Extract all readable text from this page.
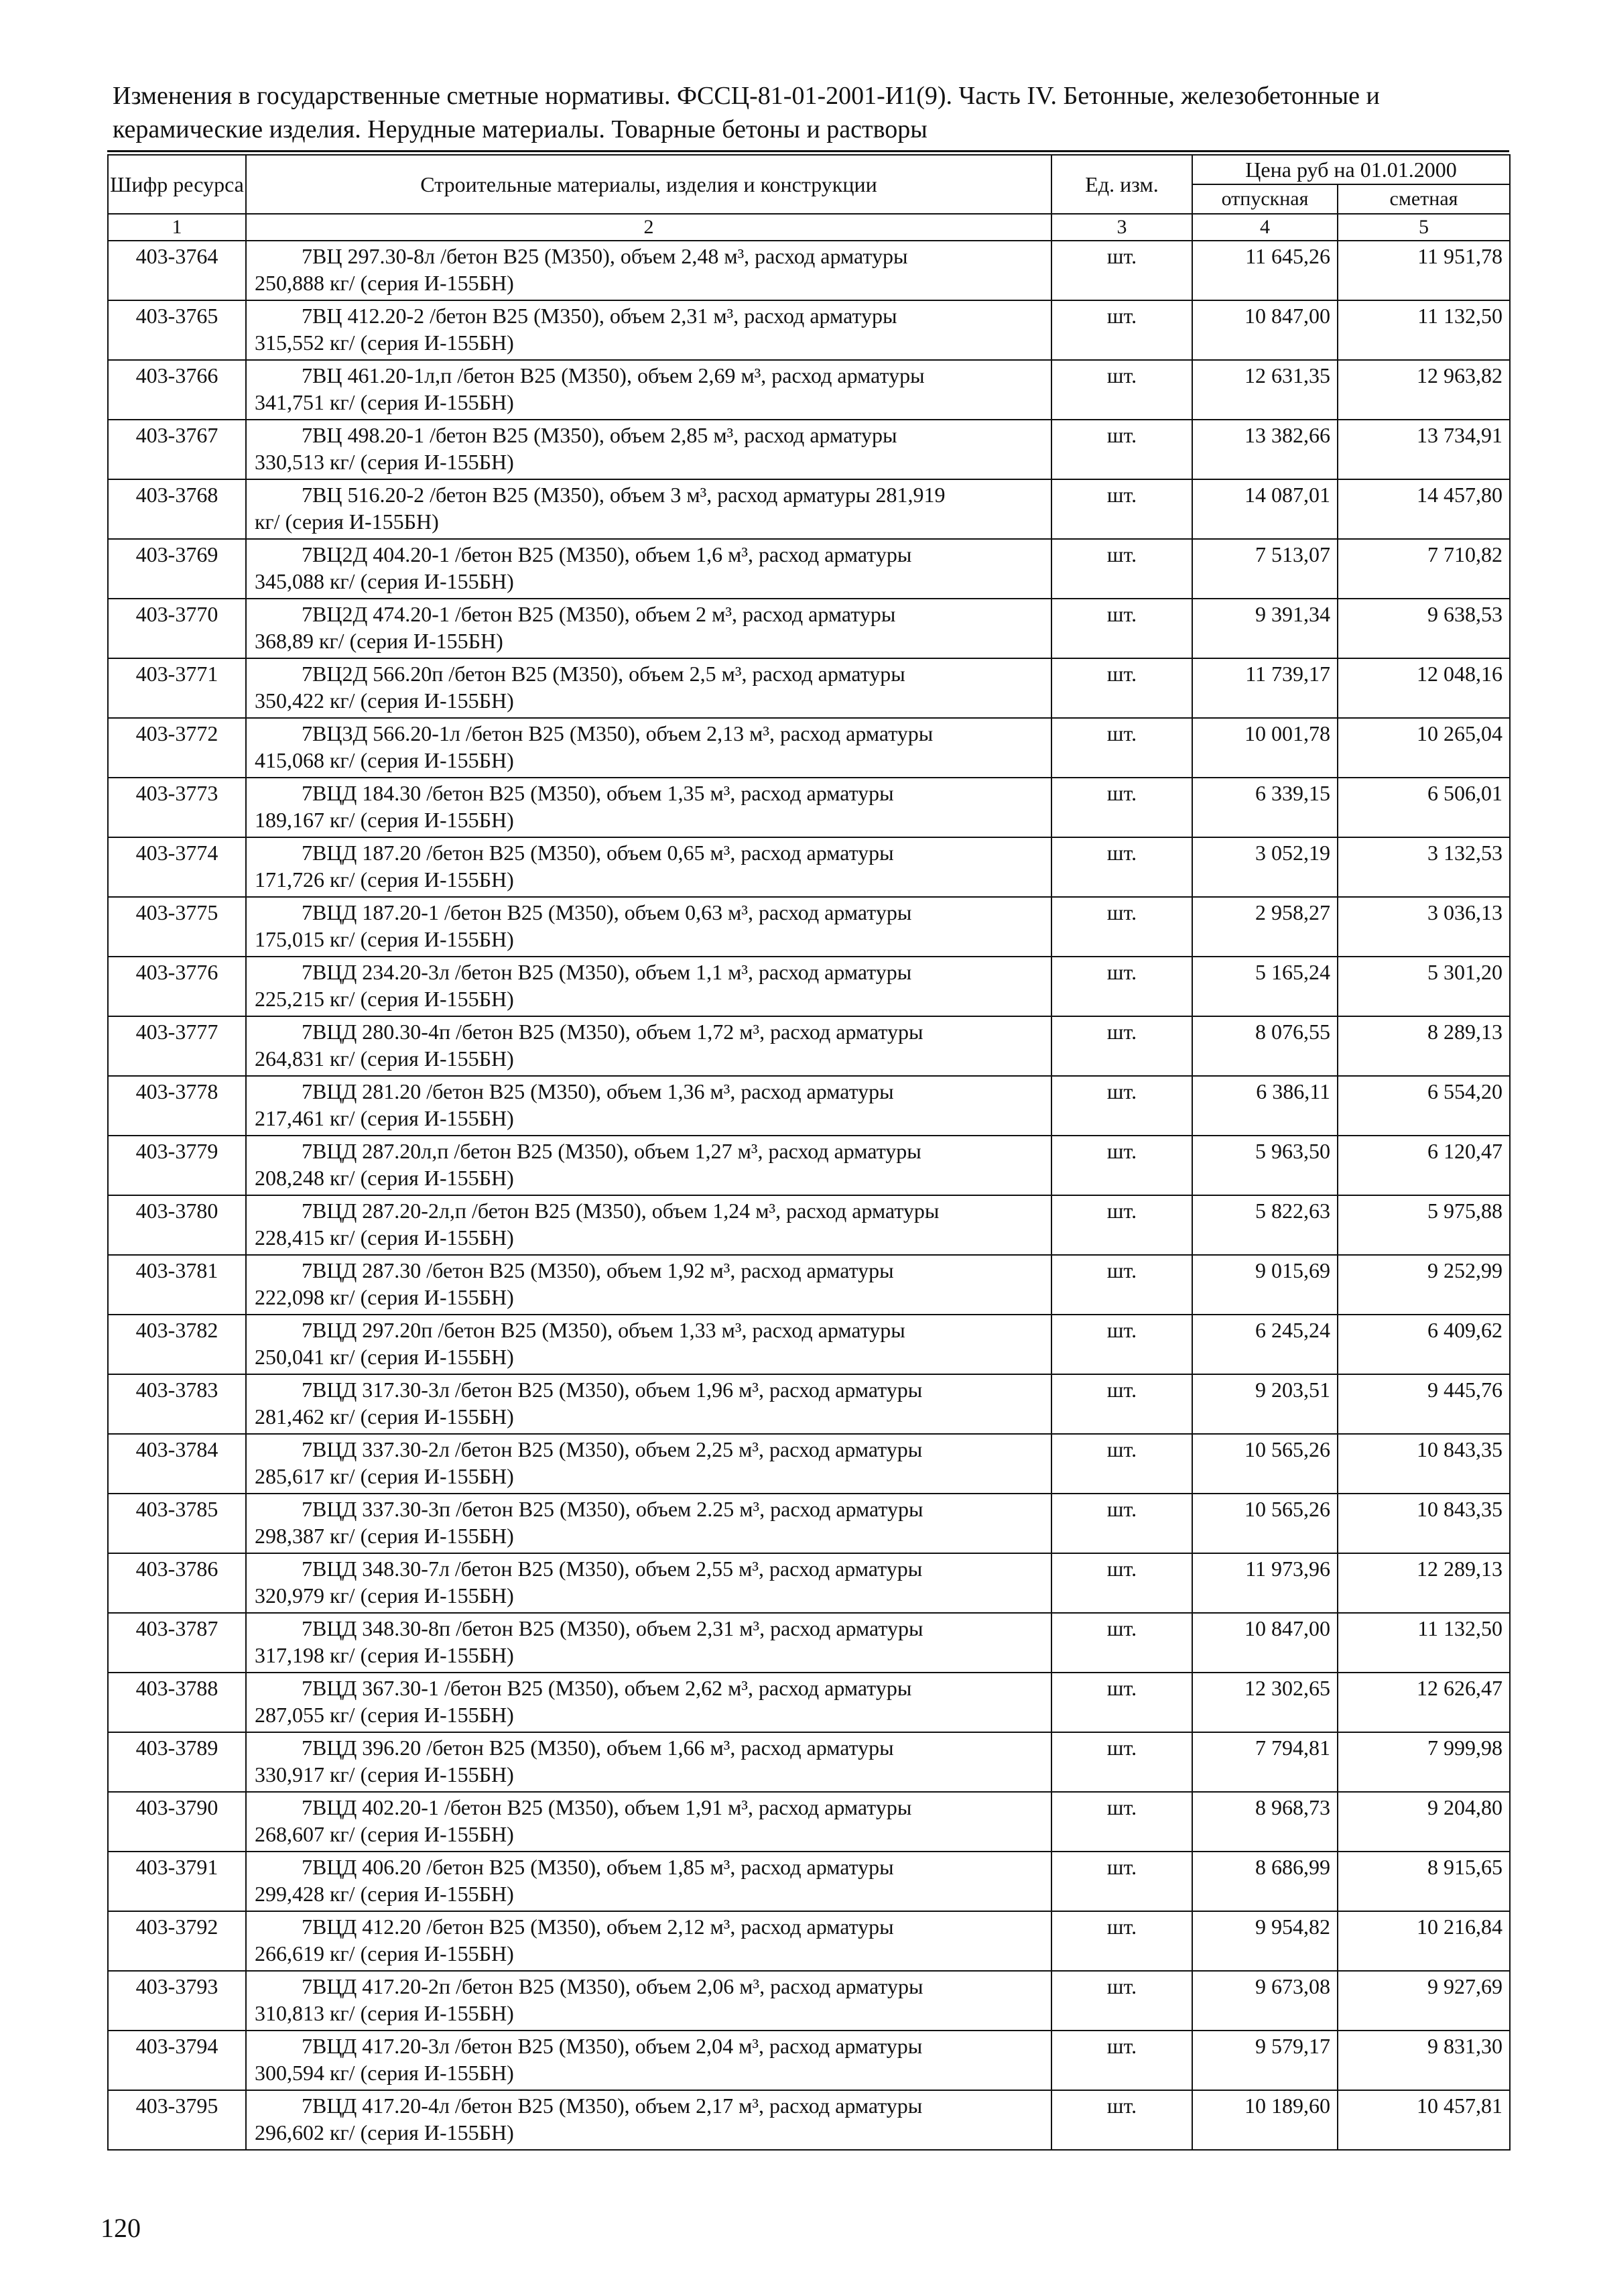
Изменения в государственные сметные нормативы. ФССЦ-81-01-2001-И1(9). Часть IV. Бетонные, железобетонные и
керамические изделия. Нерудные материалы. Товарные бетоны и растворы
Шифр ресурса	Строительные материалы, изделия и конструкции	Ед. изм.	Цена руб на 01.01.2000	
			отпускная	сметная
1	2	3	4	5
403-3764	7ВЦ 297.30-8л /бетон В25 (М350), объем 2,48 м³, расход арматуры
250,888 кг/ (серия И-155БН)	шт.	11 645,26	11 951,78
403-3765	7ВЦ 412.20-2 /бетон В25 (М350), объем 2,31 м³, расход арматуры
315,552 кг/ (серия И-155БН)	шт.	10 847,00	11 132,50
403-3766	7ВЦ 461.20-1л,п /бетон В25 (М350), объем 2,69 м³, расход арматуры
341,751 кг/ (серия И-155БН)	шт.	12 631,35	12 963,82
403-3767	7ВЦ 498.20-1 /бетон В25 (М350), объем 2,85 м³, расход арматуры
330,513 кг/ (серия И-155БН)	шт.	13 382,66	13 734,91
403-3768	7ВЦ 516.20-2 /бетон В25 (М350), объем 3 м³, расход арматуры 281,919
кг/ (серия И-155БН)	шт.	14 087,01	14 457,80
403-3769	7ВЦ2Д 404.20-1 /бетон В25 (М350), объем 1,6 м³, расход арматуры
345,088 кг/ (серия И-155БН)	шт.	7 513,07	7 710,82
403-3770	7ВЦ2Д 474.20-1 /бетон В25 (М350), объем 2 м³, расход арматуры
368,89 кг/ (серия И-155БН)	шт.	9 391,34	9 638,53
403-3771	7ВЦ2Д 566.20п /бетон В25 (М350), объем 2,5 м³, расход арматуры
350,422 кг/ (серия И-155БН)	шт.	11 739,17	12 048,16
403-3772	7ВЦ3Д 566.20-1л /бетон В25 (М350), объем 2,13 м³, расход арматуры
415,068 кг/ (серия И-155БН)	шт.	10 001,78	10 265,04
403-3773	7ВЦД 184.30 /бетон В25 (М350), объем 1,35 м³, расход арматуры
189,167 кг/ (серия И-155БН)	шт.	6 339,15	6 506,01
403-3774	7ВЦД 187.20 /бетон В25 (М350), объем 0,65 м³, расход арматуры
171,726 кг/ (серия И-155БН)	шт.	3 052,19	3 132,53
403-3775	7ВЦД 187.20-1 /бетон В25 (М350), объем 0,63 м³, расход арматуры
175,015 кг/ (серия И-155БН)	шт.	2 958,27	3 036,13
403-3776	7ВЦД 234.20-3л /бетон В25 (М350), объем 1,1 м³, расход арматуры
225,215 кг/ (серия И-155БН)	шт.	5 165,24	5 301,20
403-3777	7ВЦД 280.30-4п /бетон В25 (М350), объем 1,72 м³, расход арматуры
264,831 кг/ (серия И-155БН)	шт.	8 076,55	8 289,13
403-3778	7ВЦД 281.20 /бетон В25 (М350), объем 1,36 м³, расход арматуры
217,461 кг/ (серия И-155БН)	шт.	6 386,11	6 554,20
403-3779	7ВЦД 287.20л,п /бетон В25 (М350), объем 1,27 м³, расход арматуры
208,248 кг/ (серия И-155БН)	шт.	5 963,50	6 120,47
403-3780	7ВЦД 287.20-2л,п /бетон В25 (М350), объем 1,24 м³, расход арматуры
228,415 кг/ (серия И-155БН)	шт.	5 822,63	5 975,88
403-3781	7ВЦД 287.30 /бетон В25 (М350), объем 1,92 м³, расход арматуры
222,098 кг/ (серия И-155БН)	шт.	9 015,69	9 252,99
403-3782	7ВЦД 297.20п /бетон В25 (М350), объем 1,33 м³, расход арматуры
250,041 кг/ (серия И-155БН)	шт.	6 245,24	6 409,62
403-3783	7ВЦД 317.30-3л /бетон В25 (М350), объем 1,96 м³, расход арматуры
281,462 кг/ (серия И-155БН)	шт.	9 203,51	9 445,76
403-3784	7ВЦД 337.30-2л /бетон В25 (М350), объем 2,25 м³, расход арматуры
285,617 кг/ (серия И-155БН)	шт.	10 565,26	10 843,35
403-3785	7ВЦД 337.30-3п /бетон В25 (М350), объем 2.25 м³, расход арматуры
298,387 кг/ (серия И-155БН)	шт.	10 565,26	10 843,35
403-3786	7ВЦД 348.30-7л /бетон В25 (М350), объем 2,55 м³, расход арматуры
320,979 кг/ (серия И-155БН)	шт.	11 973,96	12 289,13
403-3787	7ВЦД 348.30-8п /бетон В25 (М350), объем 2,31 м³, расход арматуры
317,198 кг/ (серия И-155БН)	шт.	10 847,00	11 132,50
403-3788	7ВЦД 367.30-1 /бетон В25 (М350), объем 2,62 м³, расход арматуры
287,055 кг/ (серия И-155БН)	шт.	12 302,65	12 626,47
403-3789	7ВЦД 396.20 /бетон В25 (М350), объем 1,66 м³, расход арматуры
330,917 кг/ (серия И-155БН)	шт.	7 794,81	7 999,98
403-3790	7ВЦД 402.20-1 /бетон В25 (М350), объем 1,91 м³, расход арматуры
268,607 кг/ (серия И-155БН)	шт.	8 968,73	9 204,80
403-3791	7ВЦД 406.20 /бетон В25 (М350), объем 1,85 м³, расход арматуры
299,428 кг/ (серия И-155БН)	шт.	8 686,99	8 915,65
403-3792	7ВЦД 412.20 /бетон В25 (М350), объем 2,12 м³, расход арматуры
266,619 кг/ (серия И-155БН)	шт.	9 954,82	10 216,84
403-3793	7ВЦД 417.20-2п /бетон В25 (М350), объем 2,06 м³, расход арматуры
310,813 кг/ (серия И-155БН)	шт.	9 673,08	9 927,69
403-3794	7ВЦД 417.20-3л /бетон В25 (М350), объем 2,04 м³, расход арматуры
300,594 кг/ (серия И-155БН)	шт.	9 579,17	9 831,30
403-3795	7ВЦД 417.20-4л /бетон В25 (М350), объем 2,17 м³, расход арматуры
296,602 кг/ (серия И-155БН)	шт.	10 189,60	10 457,81
120
